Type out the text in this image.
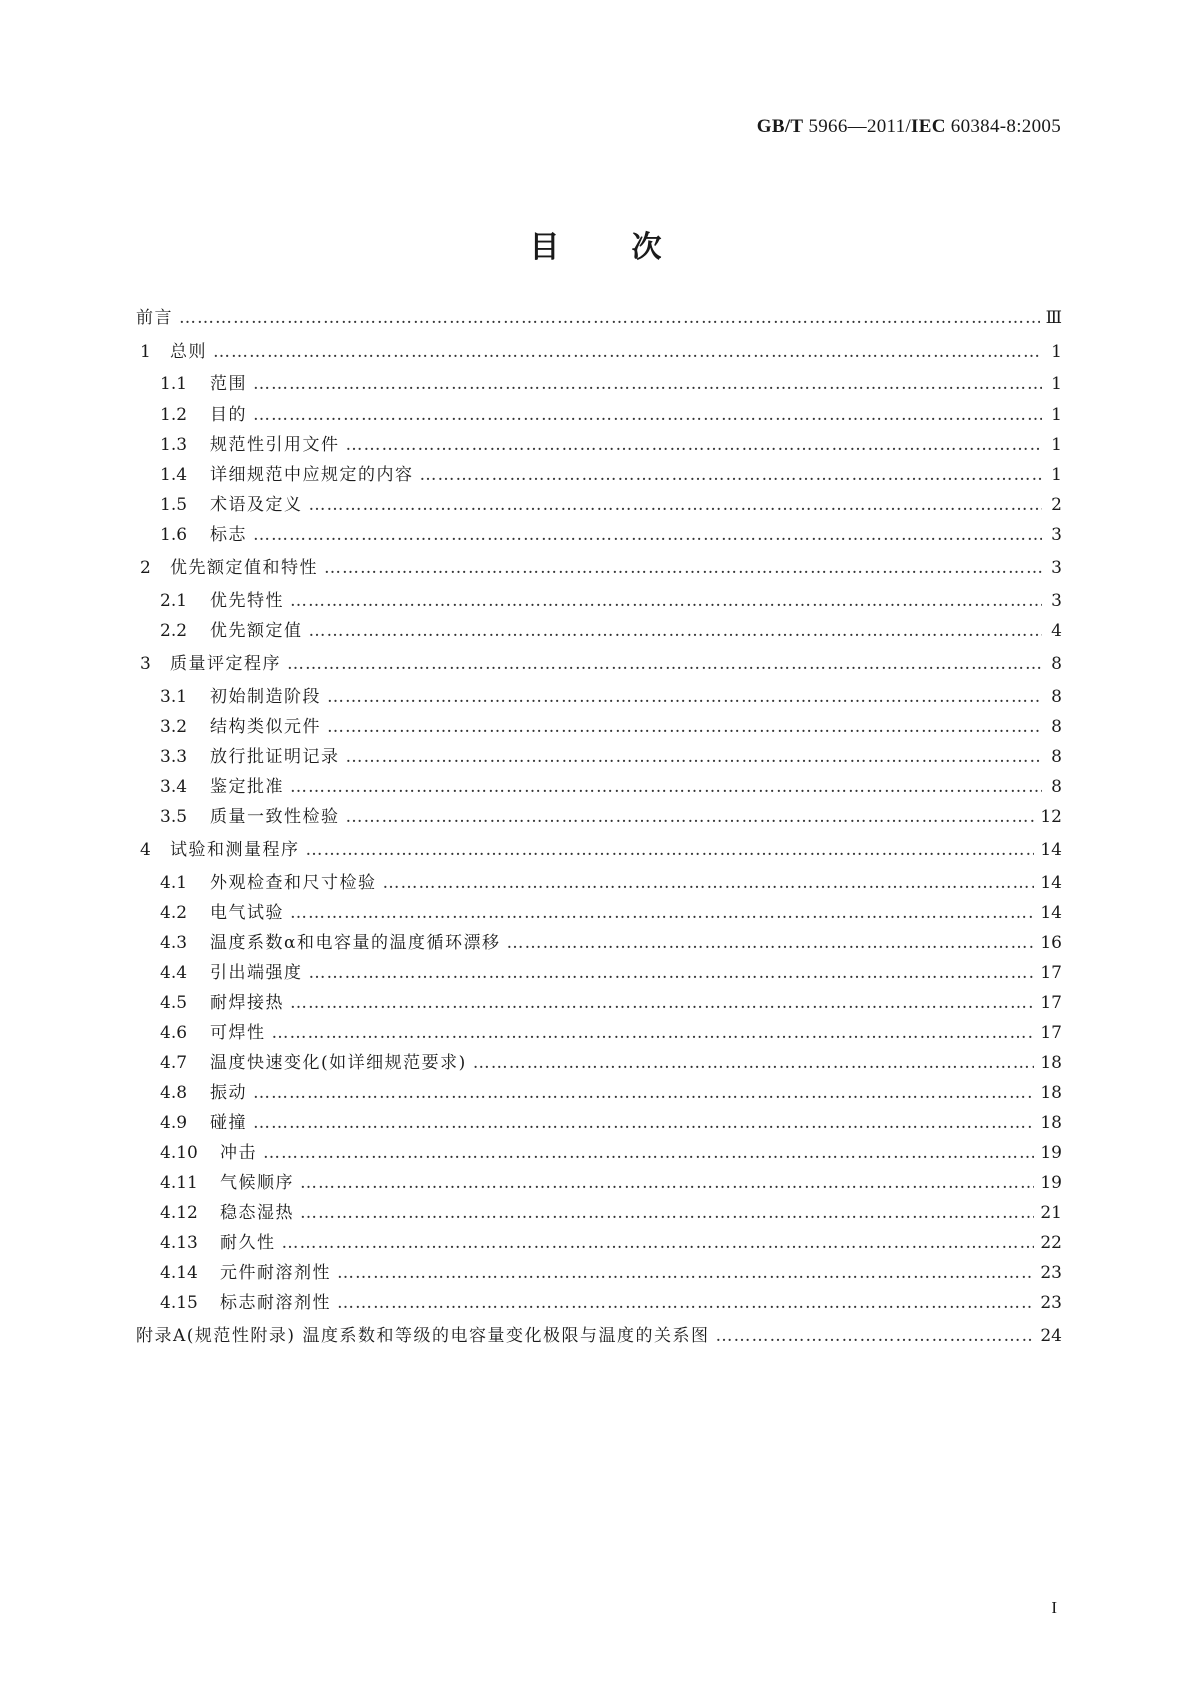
GB/T 5966—2011/IEC 60384-8:2005
目次
前言 ………………………………………………………………………………………………………………………………………………………………………………………………	Ⅲ
1	总则 ………………………………………………………………………………………………………………………………………………………………………………………………	1
1.1	范围 ………………………………………………………………………………………………………………………………………………………………………………………………	1
1.2	目的 ………………………………………………………………………………………………………………………………………………………………………………………………	1
1.3	规范性引用文件 ………………………………………………………………………………………………………………………………………………………………………………………………	1
1.4	详细规范中应规定的内容 ………………………………………………………………………………………………………………………………………………………………………………………………	1
1.5	术语及定义 ………………………………………………………………………………………………………………………………………………………………………………………………	2
1.6	标志 ………………………………………………………………………………………………………………………………………………………………………………………………	3
2	优先额定值和特性 ………………………………………………………………………………………………………………………………………………………………………………………………	3
2.1	优先特性 ………………………………………………………………………………………………………………………………………………………………………………………………	3
2.2	优先额定值 ………………………………………………………………………………………………………………………………………………………………………………………………	4
3	质量评定程序 ………………………………………………………………………………………………………………………………………………………………………………………………	8
3.1	初始制造阶段 ………………………………………………………………………………………………………………………………………………………………………………………………	8
3.2	结构类似元件 ………………………………………………………………………………………………………………………………………………………………………………………………	8
3.3	放行批证明记录 ………………………………………………………………………………………………………………………………………………………………………………………………	8
3.4	鉴定批准 ………………………………………………………………………………………………………………………………………………………………………………………………	8
3.5	质量一致性检验 ………………………………………………………………………………………………………………………………………………………………………………………………	12
4	试验和测量程序 ………………………………………………………………………………………………………………………………………………………………………………………………	14
4.1	外观检查和尺寸检验 ………………………………………………………………………………………………………………………………………………………………………………………………	14
4.2	电气试验 ………………………………………………………………………………………………………………………………………………………………………………………………	14
4.3	温度系数α和电容量的温度循环漂移 ………………………………………………………………………………………………………………………………………………………………………………………………	16
4.4	引出端强度 ………………………………………………………………………………………………………………………………………………………………………………………………	17
4.5	耐焊接热 ………………………………………………………………………………………………………………………………………………………………………………………………	17
4.6	可焊性 ………………………………………………………………………………………………………………………………………………………………………………………………	17
4.7	温度快速变化(如详细规范要求) ………………………………………………………………………………………………………………………………………………………………………………………………	18
4.8	振动 ………………………………………………………………………………………………………………………………………………………………………………………………	18
4.9	碰撞 ………………………………………………………………………………………………………………………………………………………………………………………………	18
4.10	冲击 ………………………………………………………………………………………………………………………………………………………………………………………………	19
4.11	气候顺序 ………………………………………………………………………………………………………………………………………………………………………………………………	19
4.12	稳态湿热 ………………………………………………………………………………………………………………………………………………………………………………………………	21
4.13	耐久性 ………………………………………………………………………………………………………………………………………………………………………………………………	22
4.14	元件耐溶剂性 ………………………………………………………………………………………………………………………………………………………………………………………………	23
4.15	标志耐溶剂性 ………………………………………………………………………………………………………………………………………………………………………………………………	23
附录A(规范性附录) 温度系数和等级的电容量变化极限与温度的关系图 ………………………………………………………………………………………………………………………………………………………………………………………………	24
I
